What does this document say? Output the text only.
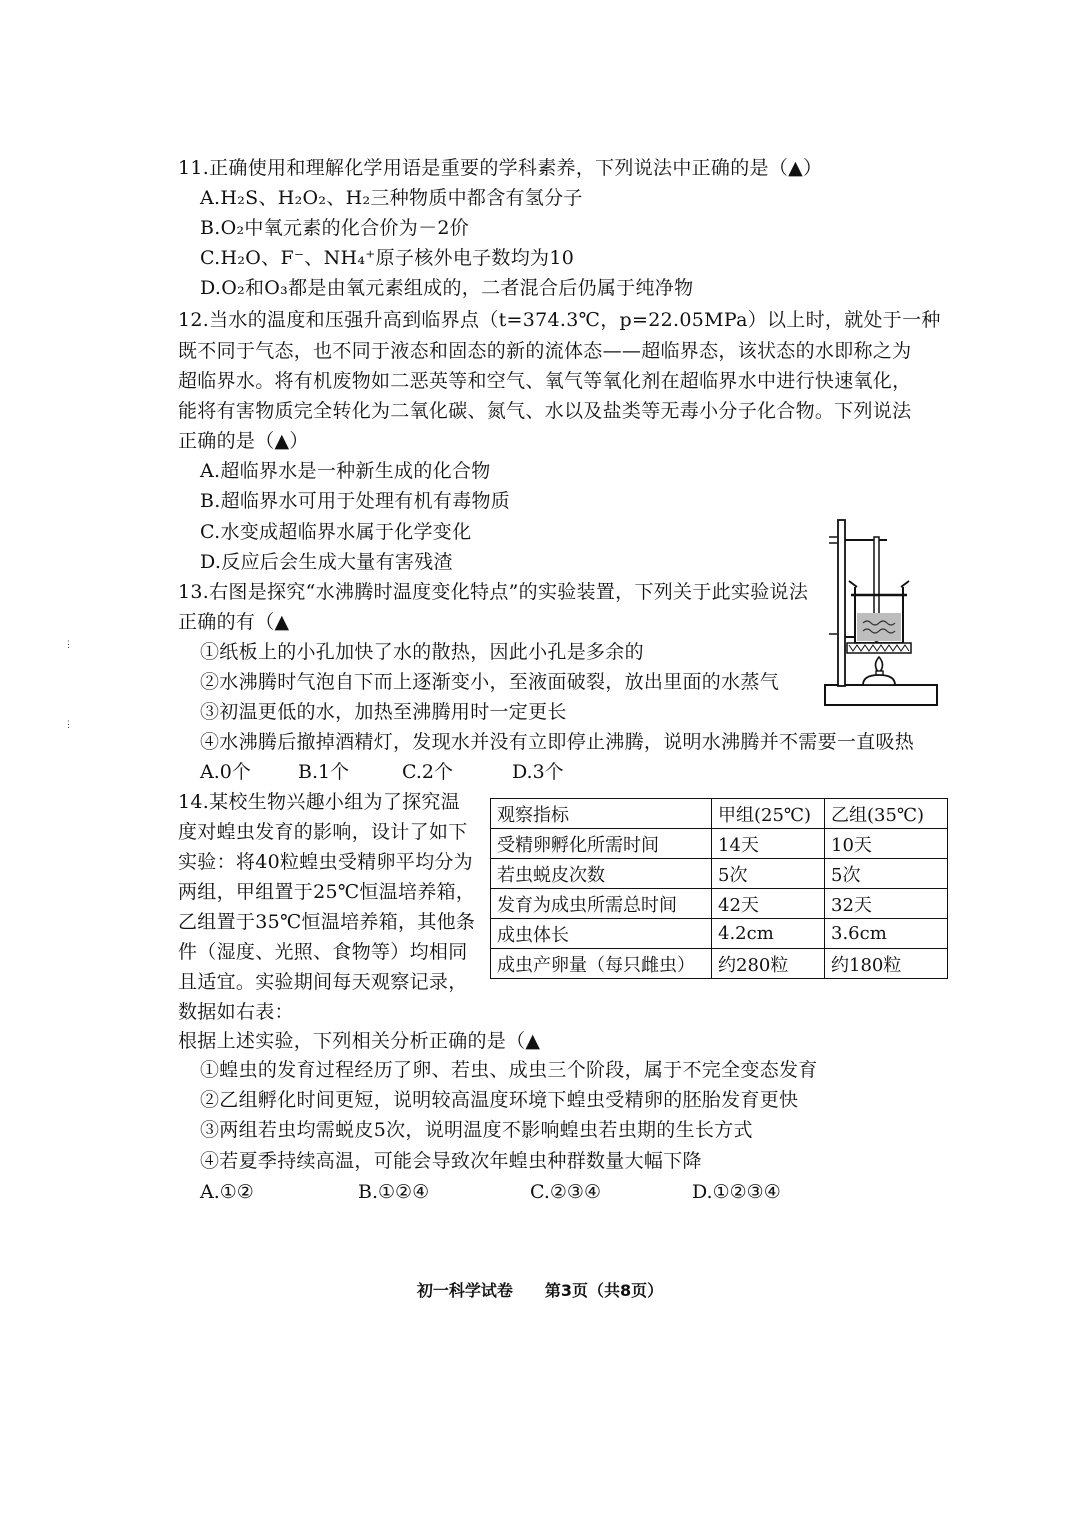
11.正确使用和理解化学用语是重要的学科素养，下列说法中正确的是（▲）
A.H₂S、H₂O₂、H₂三种物质中都含有氢分子
B.O₂中氧元素的化合价为－2价
C.H₂O、F⁻、NH₄⁺原子核外电子数均为10
D.O₂和O₃都是由氧元素组成的，二者混合后仍属于纯净物
12.当水的温度和压强升高到临界点（t=374.3℃，p=22.05MPa）以上时，就处于一种
既不同于气态，也不同于液态和固态的新的流体态——超临界态，该状态的水即称之为
超临界水。将有机废物如二恶英等和空气、氧气等氧化剂在超临界水中进行快速氧化，
能将有害物质完全转化为二氧化碳、氮气、水以及盐类等无毒小分子化合物。下列说法
正确的是（▲）
A.超临界水是一种新生成的化合物
B.超临界水可用于处理有机有毒物质
C.水变成超临界水属于化学变化
D.反应后会生成大量有害残渣
13.右图是探究“水沸腾时温度变化特点”的实验装置，下列关于此实验说法
正确的有（▲
①纸板上的小孔加快了水的散热，因此小孔是多余的
②水沸腾时气泡自下而上逐渐变小，至液面破裂，放出里面的水蒸气
③初温更低的水，加热至沸腾用时一定更长
④水沸腾后撤掉酒精灯，发现水并没有立即停止沸腾，说明水沸腾并不需要一直吸热
A.0个 B.1个	C.2个	D.3个
14.某校生物兴趣小组为了探究温
度对蝗虫发育的影响，设计了如下
实验：将40粒蝗虫受精卵平均分为
两组，甲组置于25℃恒温培养箱，
乙组置于35℃恒温培养箱，其他条
件（湿度、光照、食物等）均相同
且适宜。实验期间每天观察记录，
数据如右表：
观察指标	甲组(25℃)	乙组(35℃)
受精卵孵化所需时间	14天	10天
若虫蜕皮次数	5次	5次
发育为成虫所需总时间	42天	32天
成虫体长	4.2cm	3.6cm
成虫产卵量（每只雌虫）	约280粒	约180粒
根据上述实验，下列相关分析正确的是（▲
①蝗虫的发育过程经历了卵、若虫、成虫三个阶段，属于不完全变态发育
②乙组孵化时间更短，说明较高温度环境下蝗虫受精卵的胚胎发育更快
③两组若虫均需蜕皮5次，说明温度不影响蝗虫若虫期的生长方式
④若夏季持续高温，可能会导致次年蝗虫种群数量大幅下降
A.①②	B.①②④	C.②③④	D.①②③④
初一科学试卷　　第3页（共8页）
⋮
⋮
